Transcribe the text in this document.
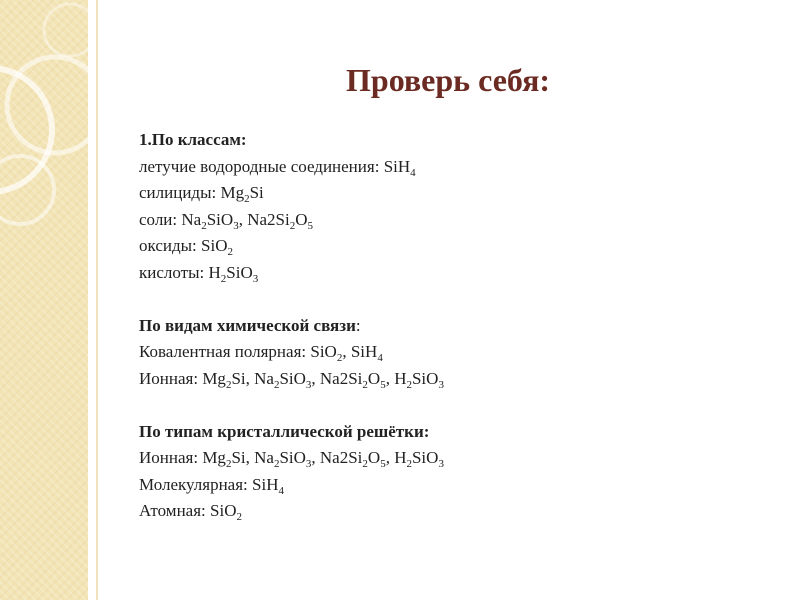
Проверь себя:
1.По классам:
летучие водородные соединения: SiH$_4$
силициды: $Mg_2Si$
соли: $Na_2SiO_3$, $Na2Si_2O_5$
оксиды: SiO$_2$
кислоты: $H_2SiO_3$
По видам химической связи:
Ковалентная полярная: SiO$_2$, SiH$_4$
Ионная: $Mg_2Si$, $Na_2SiO_3$, $Na2Si_2O_5$, $H_2SiO_3$
По типам кристаллической решётки:
Ионная: $Mg_2Si$, $Na_2SiO_3$, $Na2Si_2O_5$, $H_2SiO_3$
Молекулярная: SiH$_4$
Атомная: SiO$_2$
